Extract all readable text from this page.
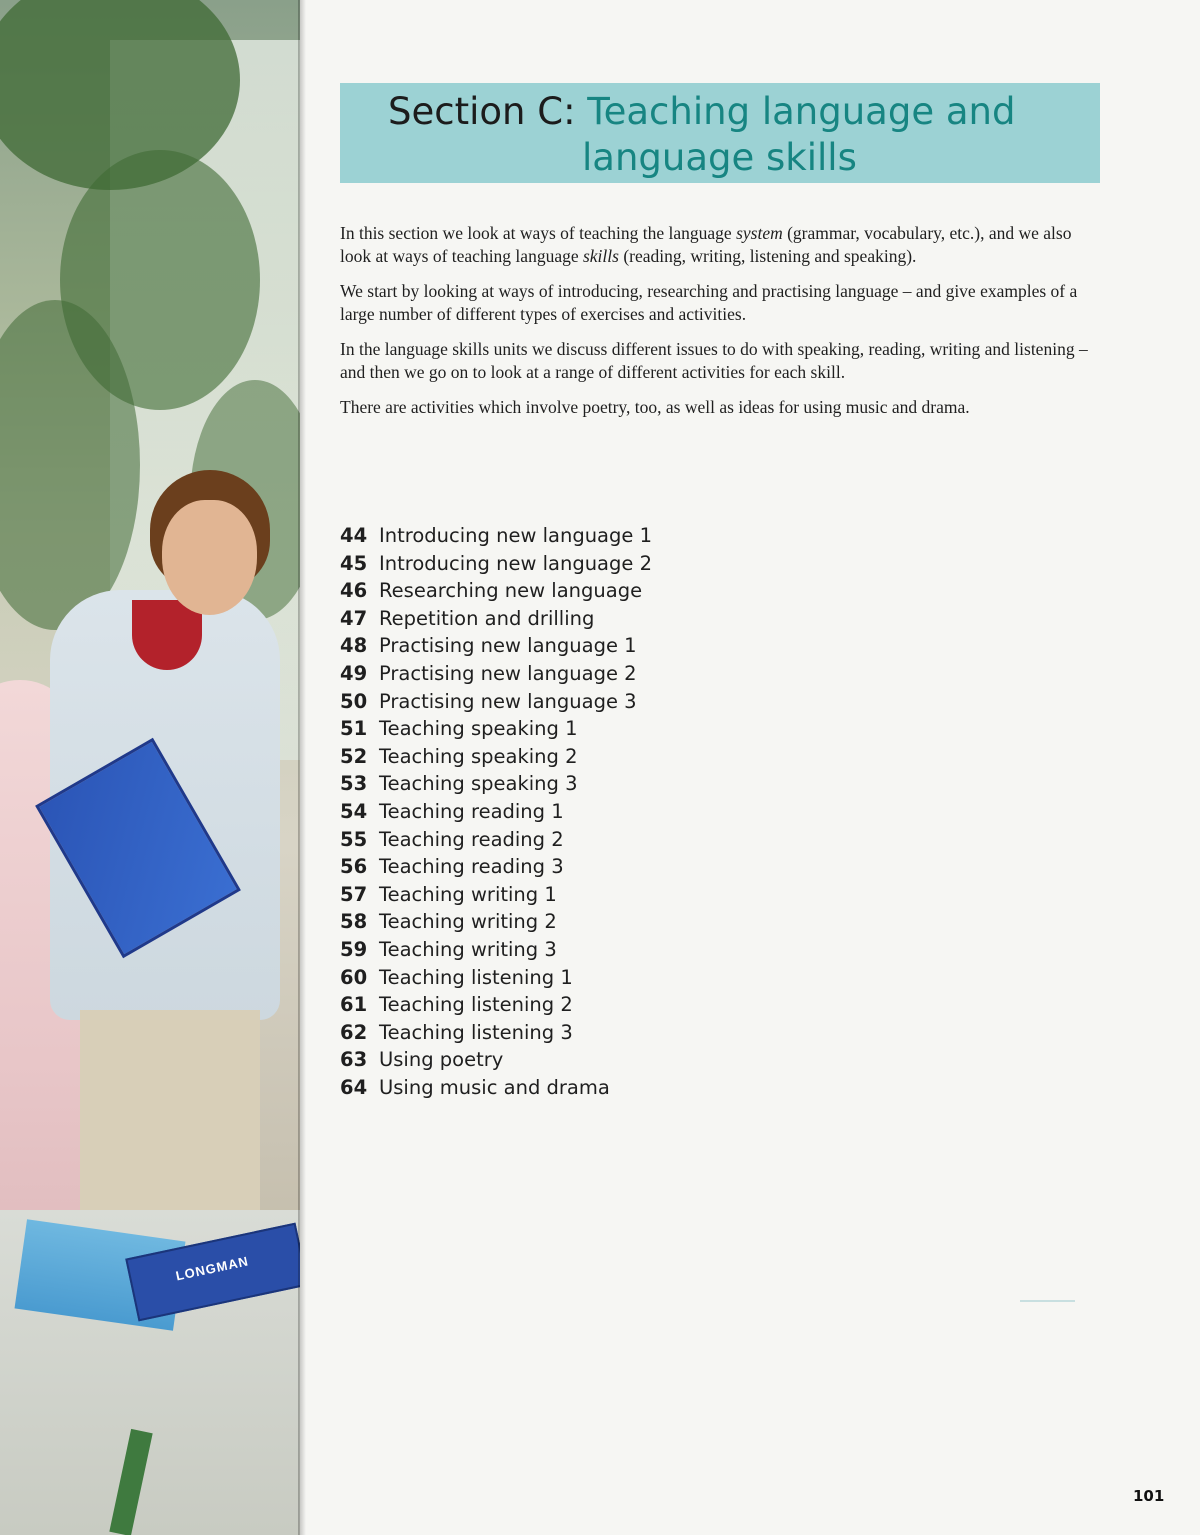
LONGMAN
Section C: Teaching language and
language skills

In this section we look at ways of teaching the language system (grammar, vocabulary, etc.), and we also look at ways of teaching language skills (reading, writing, listening and speaking).

We start by looking at ways of introducing, researching and practising language – and give examples of a large number of different types of exercises and activities.

In the language skills units we discuss different issues to do with speaking, reading, writing and listening – and then we go on to look at a range of different activities for each skill.

There are activities which involve poetry, too, as well as ideas for using music and drama.

44 Introducing new language 1
45 Introducing new language 2
46 Researching new language
47 Repetition and drilling
48 Practising new language 1
49 Practising new language 2
50 Practising new language 3
51 Teaching speaking 1
52 Teaching speaking 2
53 Teaching speaking 3
54 Teaching reading 1
55 Teaching reading 2
56 Teaching reading 3
57 Teaching writing 1
58 Teaching writing 2
59 Teaching writing 3
60 Teaching listening 1
61 Teaching listening 2
62 Teaching listening 3
63 Using poetry
64 Using music and drama
101
